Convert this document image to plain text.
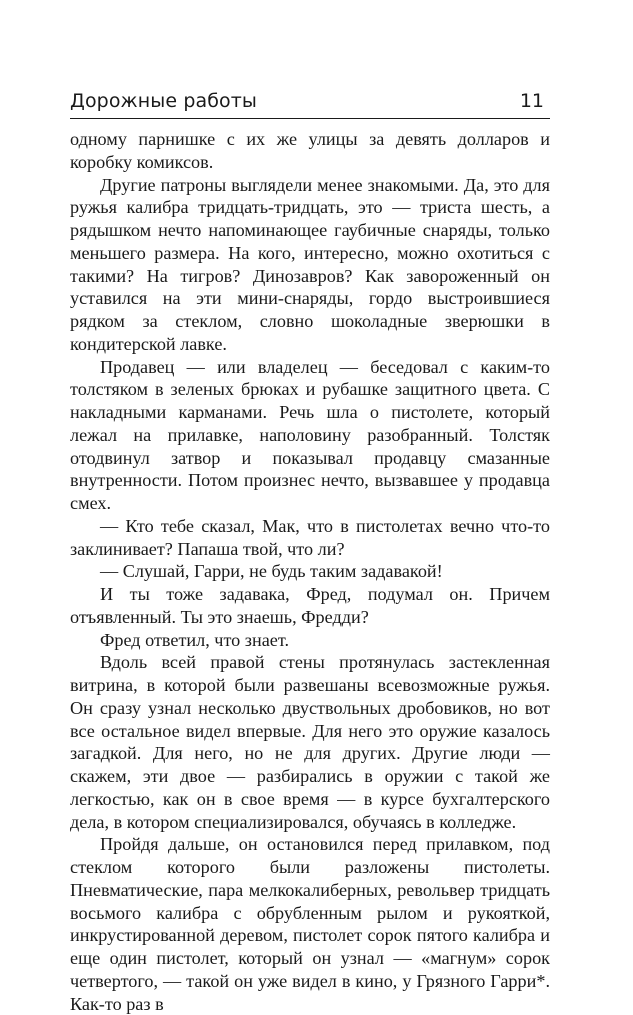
Дорожные работы	11

одному парнишке с их же улицы за девять долларов и коробку комиксов.

Другие патроны выглядели менее знакомыми. Да, это для ружья калибра тридцать-тридцать, это — триста шесть, а рядышком нечто напоминающее гаубичные снаряды, только меньшего размера. На кого, интересно, можно охотиться с такими? На тигров? Динозавров? Как завороженный он уставился на эти мини-снаряды, гордо выстроившиеся рядком за стеклом, словно шоколадные зверюшки в кондитерской лавке.

Продавец — или владелец — беседовал с каким-то толстяком в зеленых брюках и рубашке защитного цвета. С накладными карманами. Речь шла о пистолете, который лежал на прилавке, наполовину разобранный. Толстяк отодвинул затвор и показывал продавцу смазанные внутренности. Потом произнес нечто, вызвавшее у продавца смех.

— Кто тебе сказал, Мак, что в пистолетах вечно что-то заклинивает? Папаша твой, что ли?

— Слушай, Гарри, не будь таким задавакой!

И ты тоже задавака, Фред, подумал он. Причем отъявленный. Ты это знаешь, Фредди?

Фред ответил, что знает.

Вдоль всей правой стены протянулась застекленная витрина, в которой были развешаны всевозможные ружья. Он сразу узнал несколько двуствольных дробовиков, но вот все остальное видел впервые. Для него это оружие казалось загадкой. Для него, но не для других. Другие люди — скажем, эти двое — разбирались в оружии с такой же легкостью, как он в свое время — в курсе бухгалтерского дела, в котором специализировался, обучаясь в колледже.

Пройдя дальше, он остановился перед прилавком, под стеклом которого были разложены пистолеты. Пневматические, пара мелкокалиберных, револьвер тридцать восьмого калибра с обрубленным рылом и рукояткой, инкрустированной деревом, пистолет сорок пятого калибра и еще один пистолет, который он узнал — «магнум» сорок четвертого, — такой он уже видел в кино, у Грязного Гарри*. Как-то раз в
